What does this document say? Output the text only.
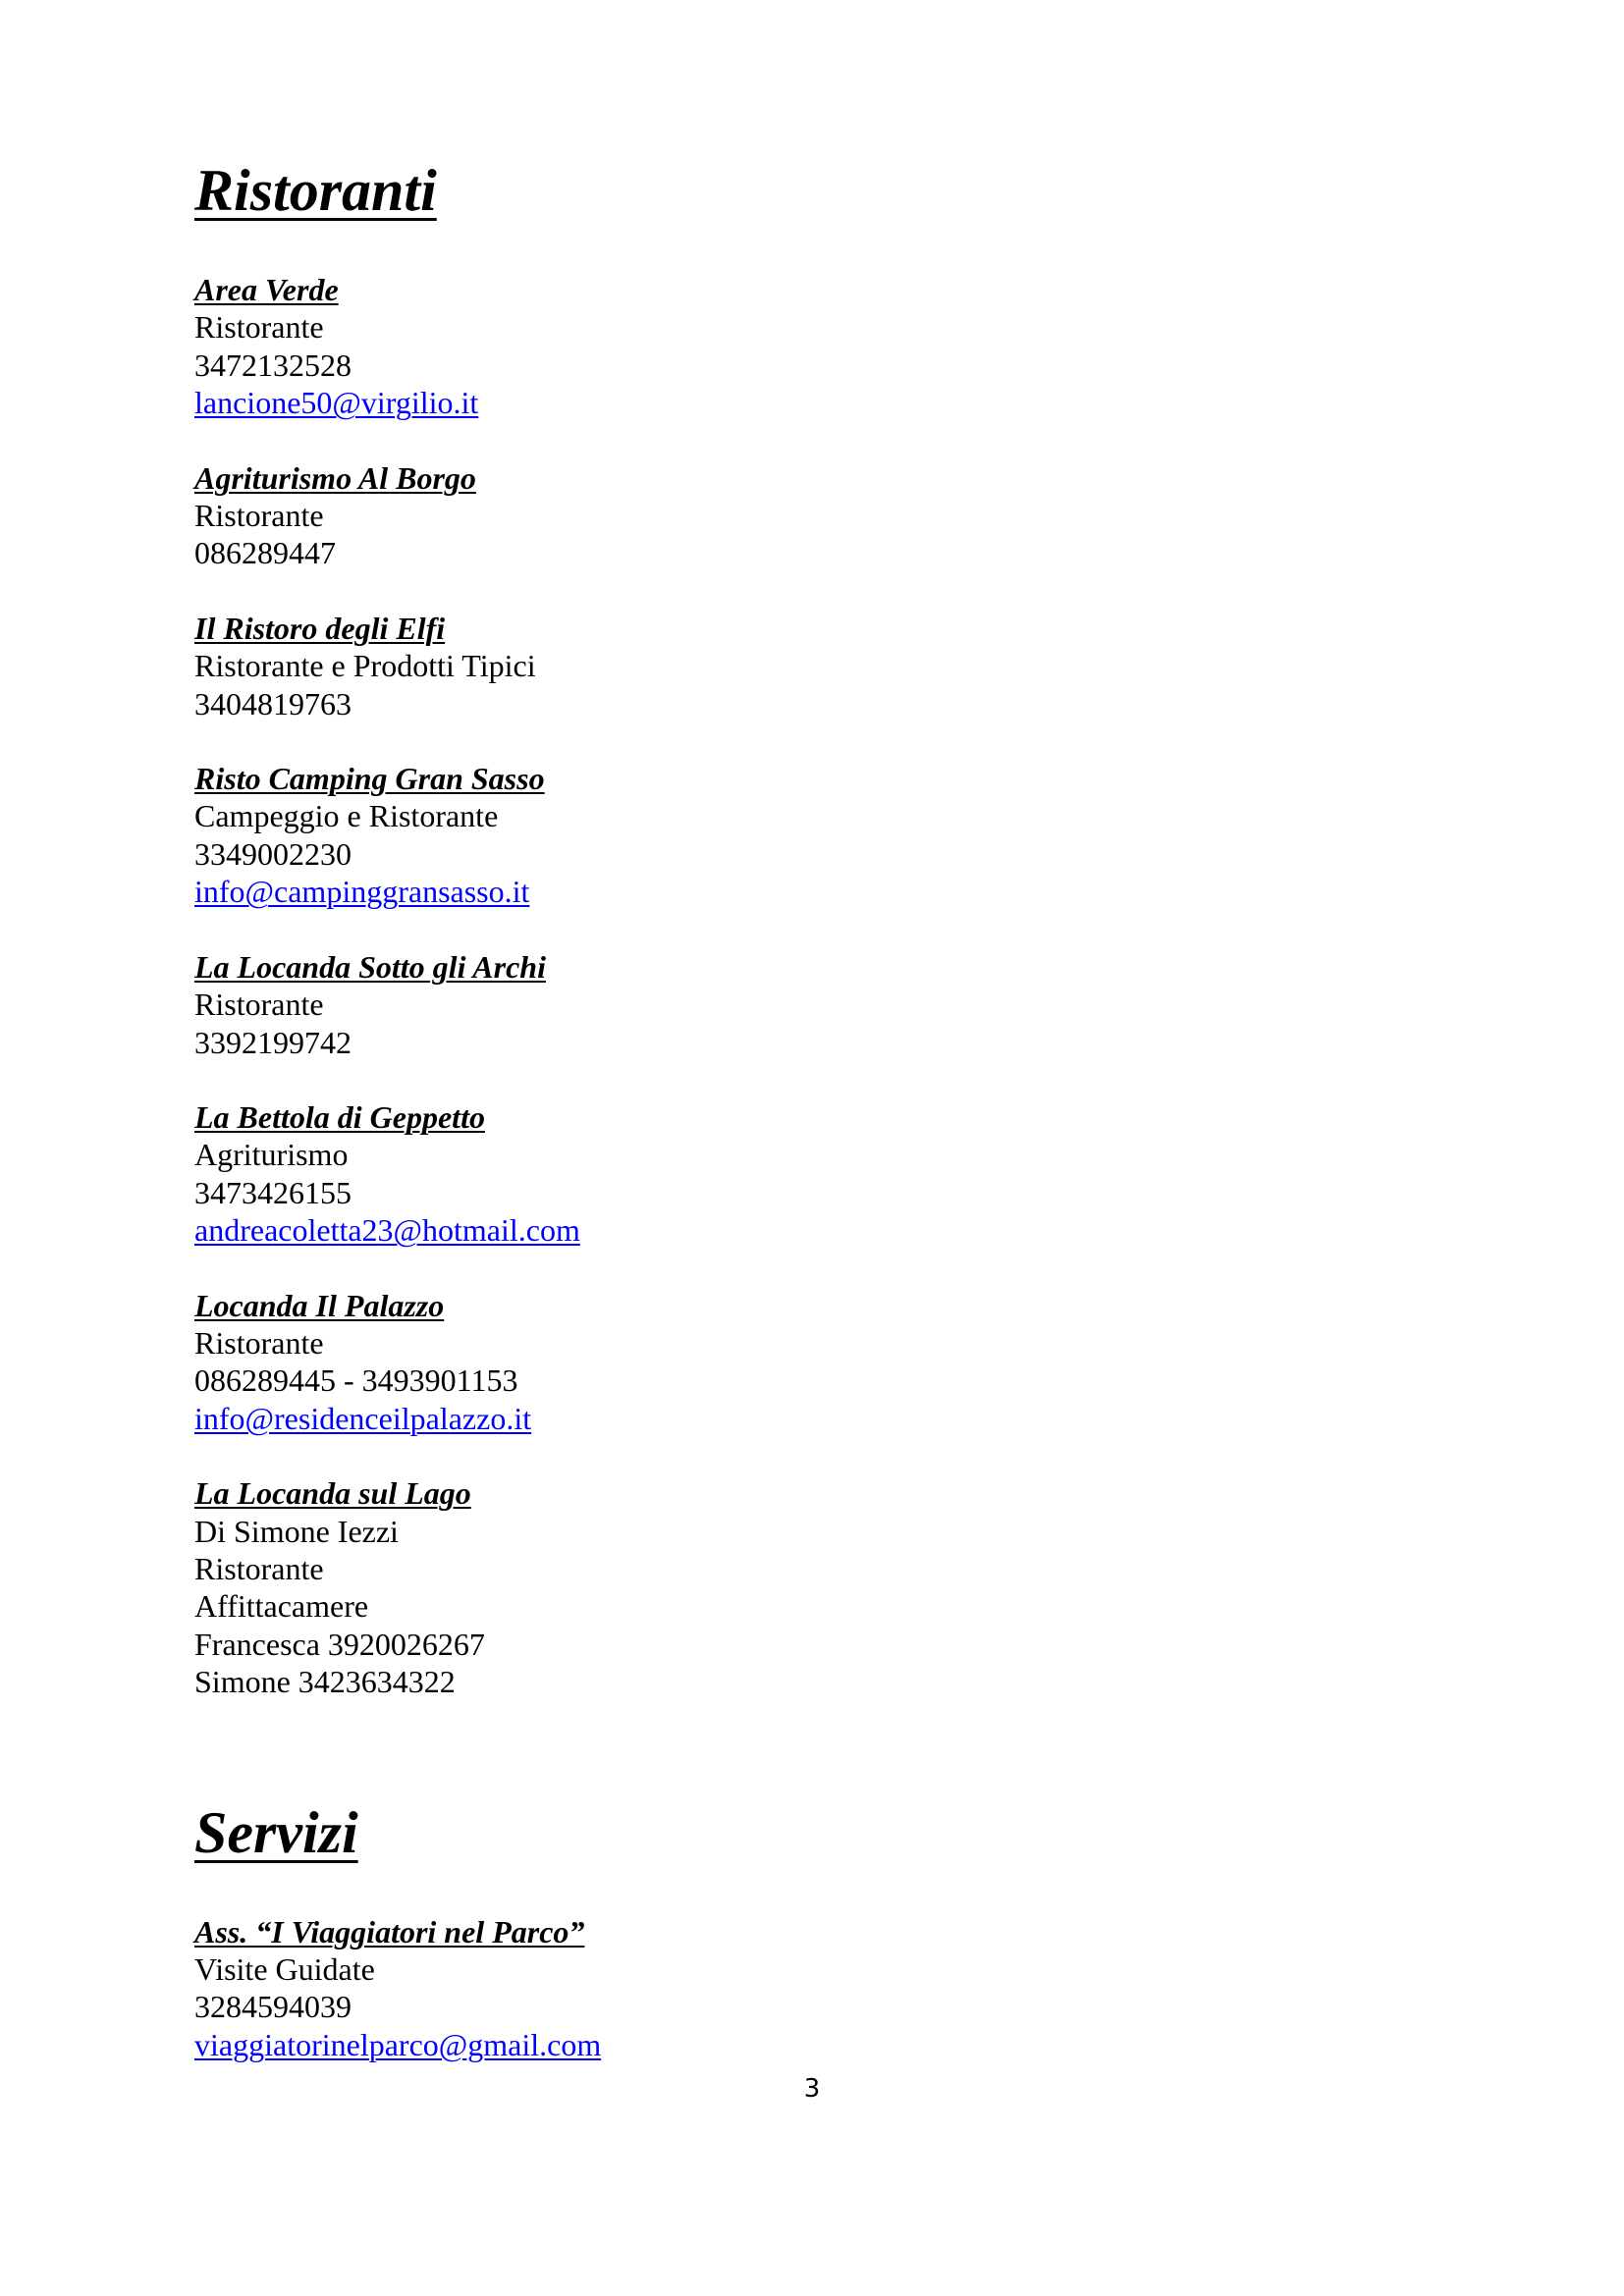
Ristoranti
Area Verde
Ristorante
3472132528
lancione50@virgilio.it
Agriturismo Al Borgo
Ristorante
086289447
Il Ristoro degli Elfi
Ristorante e Prodotti Tipici
3404819763
Risto Camping Gran Sasso
Campeggio e Ristorante
3349002230
info@campinggransasso.it
La Locanda Sotto gli Archi
Ristorante
3392199742
La Bettola di Geppetto
Agriturismo
3473426155
andreacoletta23@hotmail.com
Locanda Il Palazzo
Ristorante
086289445 - 3493901153
info@residenceilpalazzo.it
La Locanda sul Lago
Di Simone Iezzi
Ristorante
Affittacamere
Francesca 3920026267
Simone 3423634322
Servizi
Ass. “I Viaggiatori nel Parco”
Visite Guidate
3284594039
viaggiatorinelparco@gmail.com
3
